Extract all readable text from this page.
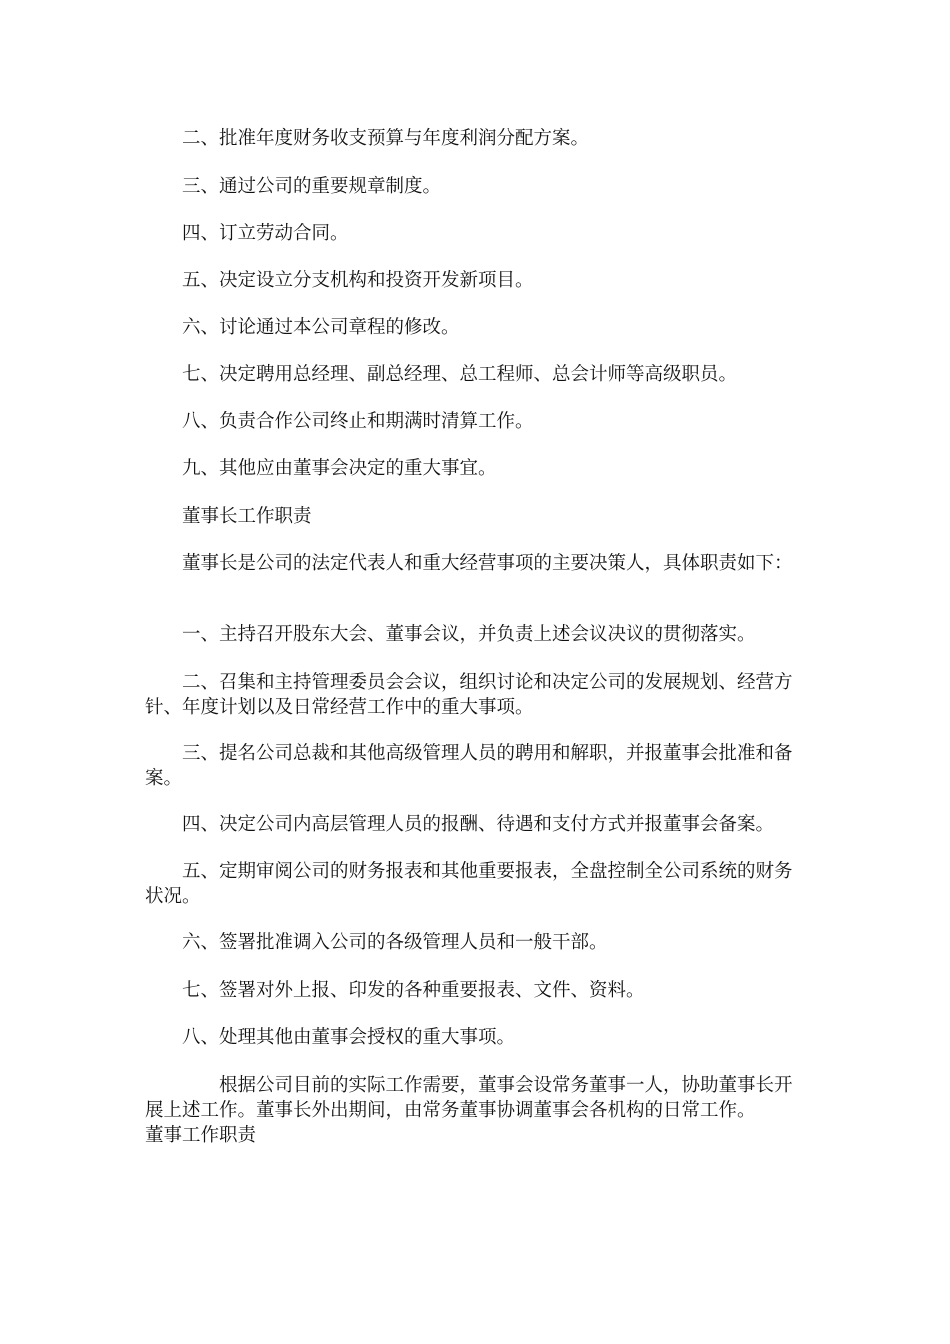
二、批准年度财务收支预算与年度利润分配方案。
三、通过公司的重要规章制度。
四、订立劳动合同。
五、决定设立分支机构和投资开发新项目。
六、讨论通过本公司章程的修改。
七、决定聘用总经理、副总经理、总工程师、总会计师等高级职员。
八、负责合作公司终止和期满时清算工作。
九、其他应由董事会决定的重大事宜。
董事长工作职责
董事长是公司的法定代表人和重大经营事项的主要决策人，具体职责如下：
一、主持召开股东大会、董事会议，并负责上述会议决议的贯彻落实。
二、召集和主持管理委员会会议，组织讨论和决定公司的发展规划、经营方针、年度计划以及日常经营工作中的重大事项。
三、提名公司总裁和其他高级管理人员的聘用和解职，并报董事会批准和备案。
四、决定公司内高层管理人员的报酬、待遇和支付方式并报董事会备案。
五、定期审阅公司的财务报表和其他重要报表，全盘控制全公司系统的财务状况。
六、签署批准调入公司的各级管理人员和一般干部。
七、签署对外上报、印发的各种重要报表、文件、资料。
八、处理其他由董事会授权的重大事项。
根据公司目前的实际工作需要，董事会设常务董事一人，协助董事长开展上述工作。董事长外出期间，由常务董事协调董事会各机构的日常工作。
董事工作职责
